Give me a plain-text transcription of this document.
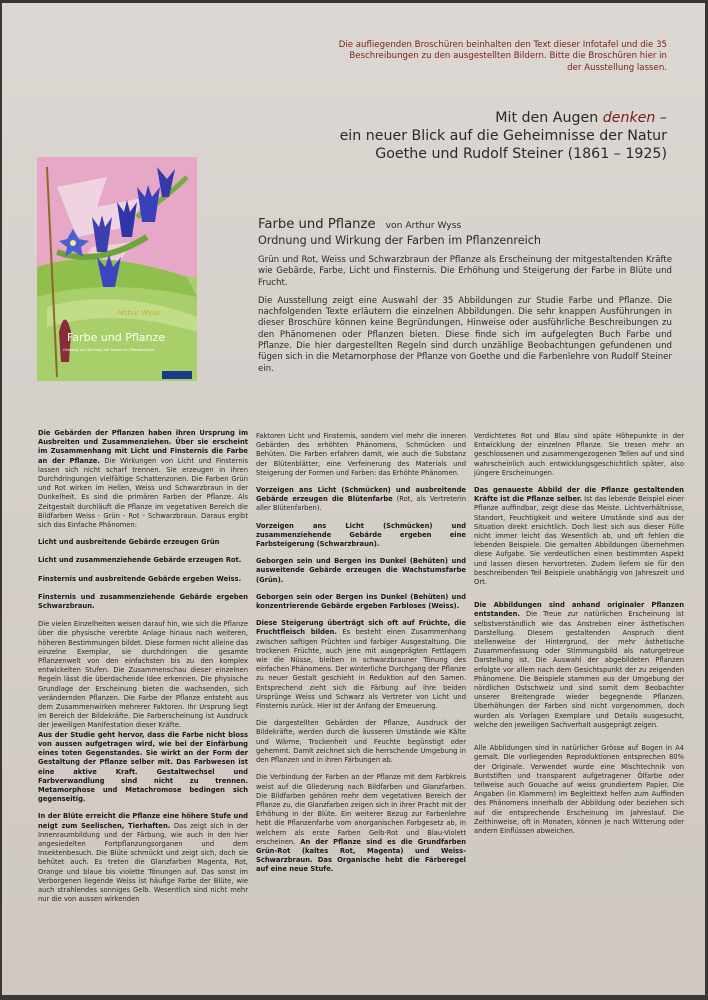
Die aufliegenden Broschüren beinhalten den Text dieser Infotafel und die 35 Beschreibungen zu den ausgestellten Bildern. Bitte die Broschüren hier in der Ausstellung lassen.
Mit den Augen denken –
ein neuer Blick auf die Geheimnisse der Natur
Goethe und Rudolf Steiner (1861 – 1925)
Arthur Wyss
Farbe und Pflanze
Ordnung und Wirkung der Farben im Pflanzenreich
Farbe und Pflanze von Arthur Wyss
Ordnung und Wirkung der Farben im Pflanzenreich

Grün und Rot, Weiss und Schwarzbraun der Pflanze als Erscheinung der mitgestaltenden Kräfte wie Gebärde, Farbe, Licht und Finsternis. Die Erhöhung und Steigerung der Farbe in Blüte und Frucht.

Die Ausstellung zeigt eine Auswahl der 35 Abbildungen zur Studie Farbe und Pflanze. Die nachfolgenden Texte erläutern die einzelnen Abbildungen. Die sehr knappen Ausführungen in dieser Broschüre können keine Begründungen, Hinweise oder ausführliche Beschreibungen zu den Phänomenen oder Pflanzen bieten. Diese finde sich im aufgelegten Buch Farbe und Pflanze. Die hier dargestellten Regeln sind durch unzählige Beobachtungen gefundenen und fügen sich in die Metamorphose der Pflanze von Goethe und die Farbenlehre von Rudolf Steiner ein.

Die Gebärden der Pflanzen haben ihren Ursprung im Ausbreiten und Zusammenziehen. Über sie erscheint im Zusammenhang mit Licht und Finsternis die Farbe an der Pflanze. Die Wirkungen von Licht und Finsternis lassen sich nicht scharf trennen. Sie erzeugen in ihren Durchdringungen vielfältige Schattenzonen. Die Farben Grün und Rot wirken im Hellen, Weiss und Schwarzbraun in der Dunkelheit. Es sind die primären Farben der Pflanze. Als Zeitgestalt durchläuft die Pflanze im vegetativen Bereich die Bildfarben Weiss - Grün - Rot - Schwarzbraun. Daraus ergibt sich das Einfache Phänomen:

Licht und ausbreitende Gebärde erzeugen Grün
Licht und zusammenziehende Gebärde erzeugen Rot.
Finsternis und ausbreitende Gebärde ergeben Weiss.
Finsternis und zusammenziehende Gebärde ergeben Schwarzbraun.

Die vielen Einzelheiten weisen darauf hin, wie sich die Pflanze über die physische vererbte Anlage hinaus nach weiteren, höheren Bestimmungen bildet. Diese formen nicht alleine das einzelne Exemplar, sie durchdringen die gesamte Pflanzenwelt von den einfachsten bis zu den komplex entwickelten Stufen. Die Zusammenschau dieser einzelnen Regeln lässt die überdachende Idee erkennen. Die physische Grundlage der Erscheinung bieten die wachsenden, sich verändernden Pflanzen. Die Farbe der Pflanze entsteht aus dem Zusammenwirken mehrerer Faktoren. Ihr Ursprung liegt im Bereich der Bildekräfte. Die Farberscheinung ist Ausdruck der jeweiligen Manifestation dieser Kräfte.

Aus der Studie geht hervor, dass die Farbe nicht bloss von aussen aufgetragen wird, wie bei der Einfärbung eines toten Gegenstandes. Sie wirkt an der Form der Gestaltung der Pflanze selber mit. Das Farbwesen ist eine aktive Kraft. Gestaltwechsel und Farbverwandlung sind nicht zu trennen. Metamorphose und Metachromose bedingen sich gegenseitig.

In der Blüte erreicht die Pflanze eine höhere Stufe und neigt zum Seelischen, Tierhaften. Das zeigt sich in der Innenraumbildung und der Färbung, wie auch in den hier angesiedelten Fortpflanzungsorganen und dem Insektenbesuch. Die Blüte schmückt und zeigt sich, doch sie behütet auch. Es treten die Glanzfarben Magenta, Rot, Orange und blaue bis violette Tönungen auf. Das sonst im Verborgenen liegende Weiss ist häufige Farbe der Blüte, wie auch strahlendes sonniges Gelb. Wesentlich sind nicht mehr nur die von aussen wirkenden

Faktoren Licht und Finsternis, sondern viel mehr die inneren Gebärden des erhöhten Phänomens, Schmücken und Behüten. Die Farben erfahren damit, wie auch die Substanz der Blütenblätter, eine Verfeinerung des Materials und Steigerung der Formen und Farben: das Erhöhte Phänomen.

Vorzeigen ans Licht (Schmücken) und ausbreitende Gebärde erzeugen die Blütenfarbe (Rot, als Vertreterin aller Blütenfarben).

Vorzeigen ans Licht (Schmücken) und zusammenziehende Gebärde ergeben eine Farbsteigerung (Schwarzbraun).

Geborgen sein und Bergen ins Dunkel (Behüten) und ausweitende Gebärde erzeugen die Wachstumsfarbe (Grün).

Geborgen sein oder Bergen ins Dunkel (Behüten) und konzentrierende Gebärde ergeben Farbloses (Weiss).

Diese Steigerung überträgt sich oft auf Früchte, die Fruchtfleisch bilden. Es besteht einen Zusammenhang zwischen saftigen Früchten und farbiger Ausgestaltung. Die trockenen Früchte, auch jene mit ausgeprägten Fettlagern wie die Nüsse, bleiben in schwarzbrauner Tönung des einfachen Phänomens. Der winterliche Durchgang der Pflanze zu neuer Gestalt geschieht in Reduktion auf den Samen. Entsprechend zieht sich die Färbung auf ihre beiden Ursprünge Weiss und Schwarz als Vertreter von Licht und Finsternis zurück. Hier ist der Anfang der Erneuerung.

Die dargestellten Gebärden der Pflanze, Ausdruck der Bildekräfte, werden durch die äusseren Umstände wie Kälte und Wärme, Trockenheit und Feuchte begünstigt oder gehemmt. Damit zeichnet sich die herrschende Umgebung in den Pflanzen und in ihren Färbungen ab.

Die Verbindung der Farben an der Pflanze mit dem Farbkreis weist auf die Gliederung nach Bildfarben und Glanzfarben. Die Bildfarben gehören mehr dem vegetativen Bereich der Pflanze zu, die Glanzfarben zeigen sich in ihrer Pracht mit der Erhöhung in der Blüte. Ein weiterer Bezug zur Farbenlehre hebt die Pflanzenfarbe vom anorganischen Farbgesetz ab, in welchem als erste Farben Gelb-Rot und Blau-Violett erscheinen. An der Pflanze sind es die Grundfarben Grün-Rot (kaltes Rot, Magenta) und Weiss-Schwarzbraun. Das Organische hebt die Färberegel auf eine neue Stufe.

Verdichtetes Rot und Blau sind späte Höhepunkte in der Entwicklung der einzelnen Pflanze. Sie tresen mehr an geschlossenen und zusammengezogenen Teilen auf und sind wahrscheinlich auch entwicklungsgeschichtlich später, also jüngere Erscheinungen.

Das genaueste Abbild der die Pflanze gestaltenden Kräfte ist die Pflanze selber. Ist das lebende Beispiel einer Pflanze auffindbar, zeigt diese das Meiste. Lichtverhältnisse, Standort, Feuchtigkeit und weitere Umstände sind aus der Situation direkt ersichtlich. Doch liest sich aus dieser Fülle nicht immer leicht das Wesentlich ab, und oft fehlen die lebenden Beispiele. Die gemalten Abbildungen übernehmen diese Aufgabe. Sie verdeutlichen einen bestimmten Aspekt und lassen diesen hervortreten. Zudem liefern sie für den beschreibenden Teil Beispiele unabhängig von Jahreszeit und Ort.

Die Abbildungen sind anhand originaler Pflanzen entstanden. Die Treue zur natürlichen Erscheinung ist selbstverständlich wie das Anstreben einer ästhetischen Darstellung. Diesem gestaltenden Anspruch dient stellenweise der Hintergrund, der mehr ästhetische Zusammenfassung oder Stimmungsbild als naturgetreue Darstellung ist. Die Auswahl der abgebildeten Pflanzen erfolgte vor allem nach dem Gesichtspunkt der zu zeigenden Phänomene. Die Beispiele stammen aus der Umgebung der nördlichen Ostschweiz und sind somit dem Beobachter unserer Breitengrade wieder begegnende Pflanzen. Überhöhungen der Farben sind nicht vorgenommen, doch wurden als Vorlagen Exemplare und Details ausgesucht, welche den jeweiligen Sachverhalt ausgeprägt zeigen.

Alle Abbildungen sind in natürlicher Grösse auf Bogen in A4 gemalt. Die vorliegenden Reproduktionen entsprechen 80% der Originale. Verwendet wurde eine Mischtechnik von Buntstiften und transparent aufgetragener Ölfarbe oder teilweise auch Gouache auf weiss grundiertem Papier. Die Angaben (in Klammern) im Begleittext helfen zum Auffinden des Phänomens innerhalb der Abbildung oder beziehen sich auf die entsprechende Erscheinung im Jahreslauf. Die Zeithinweise, oft in Monaten, können je nach Witterung oder andern Einflüssen abweichen.
